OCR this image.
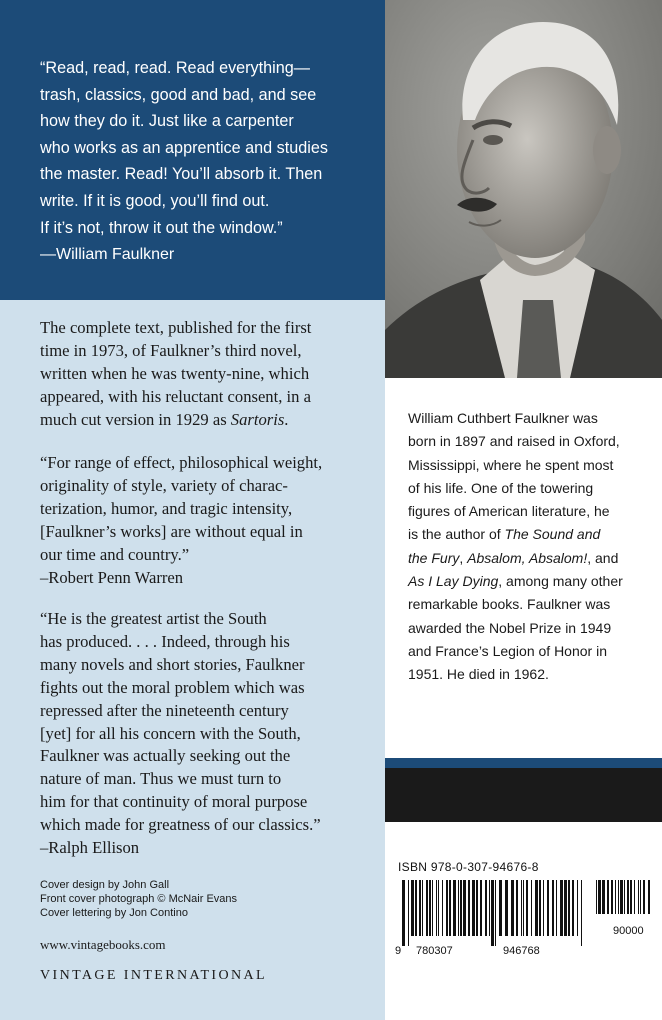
“Read, read, read. Read everything—
trash, classics, good and bad, and see
how they do it. Just like a carpenter
who works as an apprentice and studies
the master. Read! You’ll absorb it. Then
write. If it is good, you’ll find out.
If it’s not, throw it out the window.”
—William Faulkner
The complete text, published for the first
time in 1973, of Faulkner’s third novel,
written when he was twenty-nine, which
appeared, with his reluctant consent, in a
much cut version in 1929 as Sartoris.
“For range of effect, philosophical weight,
originality of style, variety of charac-
terization, humor, and tragic intensity,
[Faulkner’s works] are without equal in
our time and country.”
–Robert Penn Warren
“He is the greatest artist the South
has produced. . . . Indeed, through his
many novels and short stories, Faulkner
fights out the moral problem which was
repressed after the nineteenth century
[yet] for all his concern with the South,
Faulkner was actually seeking out the
nature of man. Thus we must turn to
him for that continuity of moral purpose
which made for greatness of our classics.”
–Ralph Ellison
Cover design by John Gall
Front cover photograph © McNair Evans
Cover lettering by Jon Contino
www.vintagebooks.com
VINTAGE INTERNATIONAL
William Cuthbert Faulkner was
born in 1897 and raised in Oxford,
Mississippi, where he spent most
of his life. One of the towering
figures of American literature, he
is the author of The Sound and
the Fury, Absalom, Absalom!, and
As I Lay Dying, among many other
remarkable books. Faulkner was
awarded the Nobel Prize in 1949
and France’s Legion of Honor in
1951. He died in 1962.
ISBN 978-0-307-94676-8
9 780307	946768
90000
